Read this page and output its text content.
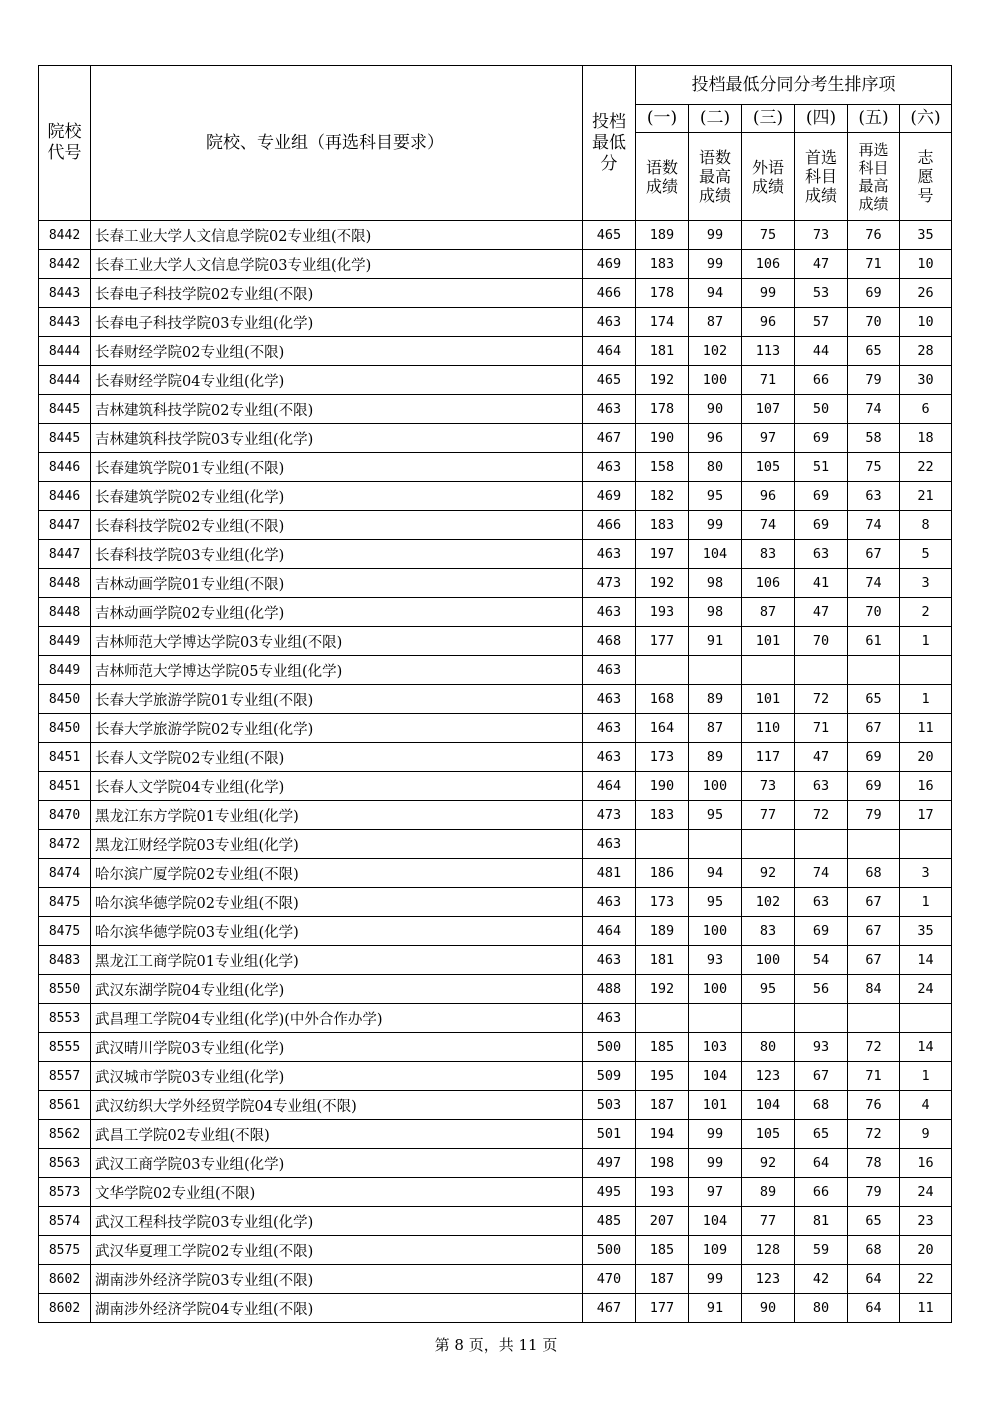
院校
代号	院校、专业组（再选科目要求）	投档
最低
分	投档最低分同分考生排序项					
			(一)	(二)	(三)	(四)	(五)	(六)

			语数
成绩	语数
最高
成绩	外语
成绩	首选
科目
成绩	再选
科目
最高
成绩	志
愿
号

8442	长春工业大学人文信息学院02专业组(不限)	465	189	99	75	73	76	35
8442	长春工业大学人文信息学院03专业组(化学)	469	183	99	106	47	71	10
8443	长春电子科技学院02专业组(不限)	466	178	94	99	53	69	26
8443	长春电子科技学院03专业组(化学)	463	174	87	96	57	70	10
8444	长春财经学院02专业组(不限)	464	181	102	113	44	65	28
8444	长春财经学院04专业组(化学)	465	192	100	71	66	79	30
8445	吉林建筑科技学院02专业组(不限)	463	178	90	107	50	74	6
8445	吉林建筑科技学院03专业组(化学)	467	190	96	97	69	58	18
8446	长春建筑学院01专业组(不限)	463	158	80	105	51	75	22
8446	长春建筑学院02专业组(化学)	469	182	95	96	69	63	21
8447	长春科技学院02专业组(不限)	466	183	99	74	69	74	8
8447	长春科技学院03专业组(化学)	463	197	104	83	63	67	5
8448	吉林动画学院01专业组(不限)	473	192	98	106	41	74	3
8448	吉林动画学院02专业组(化学)	463	193	98	87	47	70	2
8449	吉林师范大学博达学院03专业组(不限)	468	177	91	101	70	61	1
8449	吉林师范大学博达学院05专业组(化学)	463						
8450	长春大学旅游学院01专业组(不限)	463	168	89	101	72	65	1
8450	长春大学旅游学院02专业组(化学)	463	164	87	110	71	67	11
8451	长春人文学院02专业组(不限)	463	173	89	117	47	69	20
8451	长春人文学院04专业组(化学)	464	190	100	73	63	69	16
8470	黑龙江东方学院01专业组(化学)	473	183	95	77	72	79	17
8472	黑龙江财经学院03专业组(化学)	463						
8474	哈尔滨广厦学院02专业组(不限)	481	186	94	92	74	68	3
8475	哈尔滨华德学院02专业组(不限)	463	173	95	102	63	67	1
8475	哈尔滨华德学院03专业组(化学)	464	189	100	83	69	67	35
8483	黑龙江工商学院01专业组(化学)	463	181	93	100	54	67	14
8550	武汉东湖学院04专业组(化学)	488	192	100	95	56	84	24
8553	武昌理工学院04专业组(化学)(中外合作办学)	463						
8555	武汉晴川学院03专业组(化学)	500	185	103	80	93	72	14
8557	武汉城市学院03专业组(化学)	509	195	104	123	67	71	1
8561	武汉纺织大学外经贸学院04专业组(不限)	503	187	101	104	68	76	4
8562	武昌工学院02专业组(不限)	501	194	99	105	65	72	9
8563	武汉工商学院03专业组(化学)	497	198	99	92	64	78	16
8573	文华学院02专业组(不限)	495	193	97	89	66	79	24
8574	武汉工程科技学院03专业组(化学)	485	207	104	77	81	65	23
8575	武汉华夏理工学院02专业组(不限)	500	185	109	128	59	68	20
8602	湖南涉外经济学院03专业组(不限)	470	187	99	123	42	64	22
8602	湖南涉外经济学院04专业组(不限)	467	177	91	90	80	64	11
第 8 页，共 11 页
